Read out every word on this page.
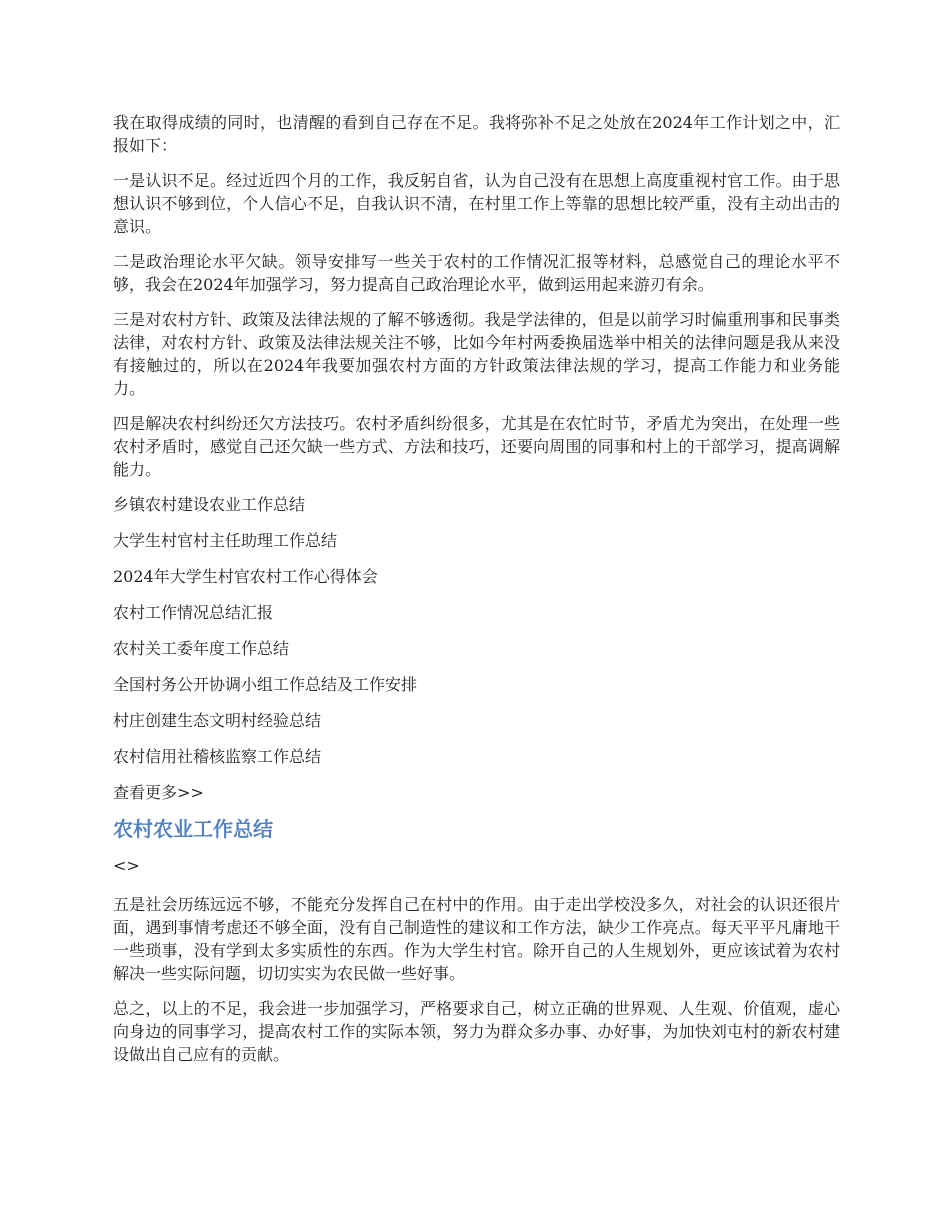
我在取得成绩的同时，也清醒的看到自己存在不足。我将弥补不足之处放在2024年工作计划之中，汇报如下：

一是认识不足。经过近四个月的工作，我反躬自省，认为自己没有在思想上高度重视村官工作。由于思想认识不够到位，个人信心不足，自我认识不清，在村里工作上等靠的思想比较严重，没有主动出击的意识。

二是政治理论水平欠缺。领导安排写一些关于农村的工作情况汇报等材料，总感觉自己的理论水平不够，我会在2024年加强学习，努力提高自己政治理论水平，做到运用起来游刃有余。

三是对农村方针、政策及法律法规的了解不够透彻。我是学法律的，但是以前学习时偏重刑事和民事类法律，对农村方针、政策及法律法规关注不够，比如今年村两委换届选举中相关的法律问题是我从来没有接触过的，所以在2024年我要加强农村方面的方针政策法律法规的学习，提高工作能力和业务能力。

四是解决农村纠纷还欠方法技巧。农村矛盾纠纷很多，尤其是在农忙时节，矛盾尤为突出，在处理一些农村矛盾时，感觉自己还欠缺一些方式、方法和技巧，还要向周围的同事和村上的干部学习，提高调解能力。

乡镇农村建设农业工作总结
大学生村官村主任助理工作总结
2024年大学生村官农村工作心得体会
农村工作情况总结汇报
农村关工委年度工作总结
全国村务公开协调小组工作总结及工作安排
村庄创建生态文明村经验总结
农村信用社稽核监察工作总结
查看更多>>
农村农业工作总结
<>

五是社会历练远远不够，不能充分发挥自己在村中的作用。由于走出学校没多久，对社会的认识还很片面，遇到事情考虑还不够全面，没有自己制造性的建议和工作方法，缺少工作亮点。每天平平凡庸地干一些琐事，没有学到太多实质性的东西。作为大学生村官。除开自己的人生规划外，更应该试着为农村解决一些实际问题，切切实实为农民做一些好事。

总之，以上的不足，我会进一步加强学习，严格要求自己，树立正确的世界观、人生观、价值观，虚心向身边的同事学习，提高农村工作的实际本领，努力为群众多办事、办好事，为加快刘屯村的新农村建设做出自己应有的贡献。
